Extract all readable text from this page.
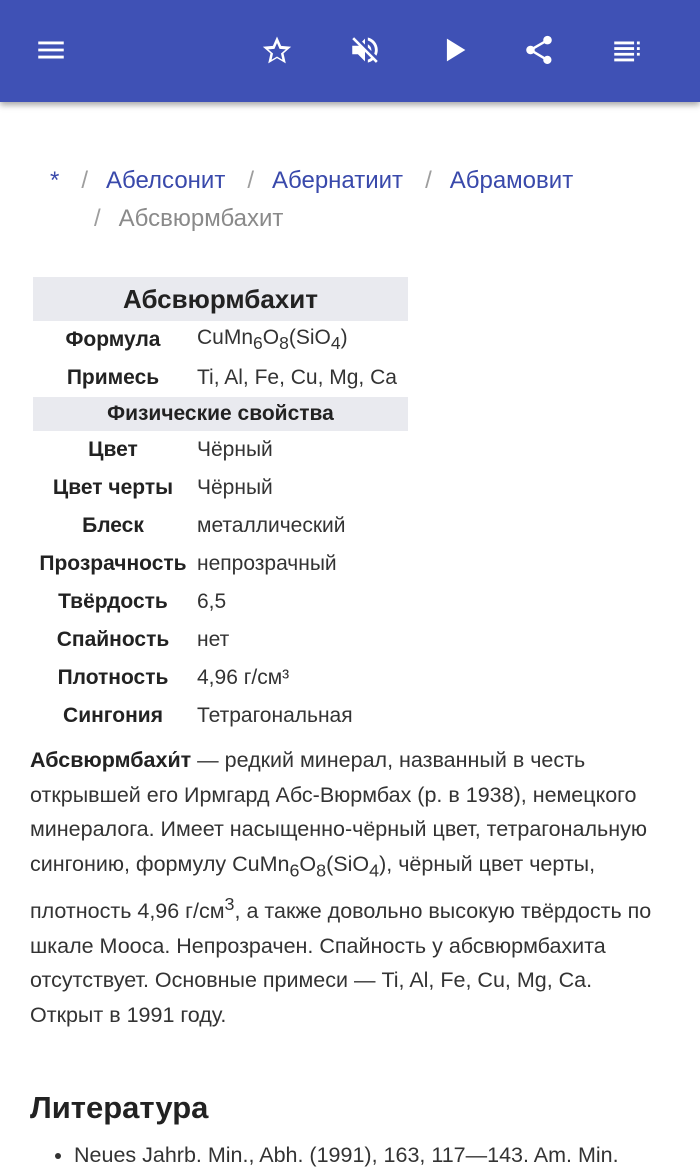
* / Абелсонит / Абернатиит / Абрамовит
/ Абсвюрмбахит
Абсвюрмбахит	
Формула	$CuMn_6O_8(SiO_4)$
Примесь	Ti, Al, Fe, Cu, Mg, Ca
Физические свойства	
Цвет	Чёрный
Цвет черты	Чёрный
Блеск	металлический
Прозрачность	непрозрачный
Твёрдость	6,5
Спайность	нет
Плотность	4,96 г/см³
Сингония	Тетрагональная

Абсвюрмбахи́т — редкий минерал, названный в честь открывшей его Ирмгард Абс-Вюрмбах (р. в 1938), немецкого минералога. Имеет насыщенно-чёрный цвет, тетрагональную сингонию, формулу $CuMn_6O_8(SiO_4)$, чёрный цвет черты, плотность 4,96 $г/см^3$, а также довольно высокую твёрдость по шкале Мооса. Непрозрачен. Спайность у абсвюрмбахита отсутствует. Основные примеси — Ti, Al, Fe, Cu, Mg, Ca. Открыт в 1991 году.

Литература
• Neues Jahrb. Min., Abh. (1991), 163, 117—143. Am. Min.
